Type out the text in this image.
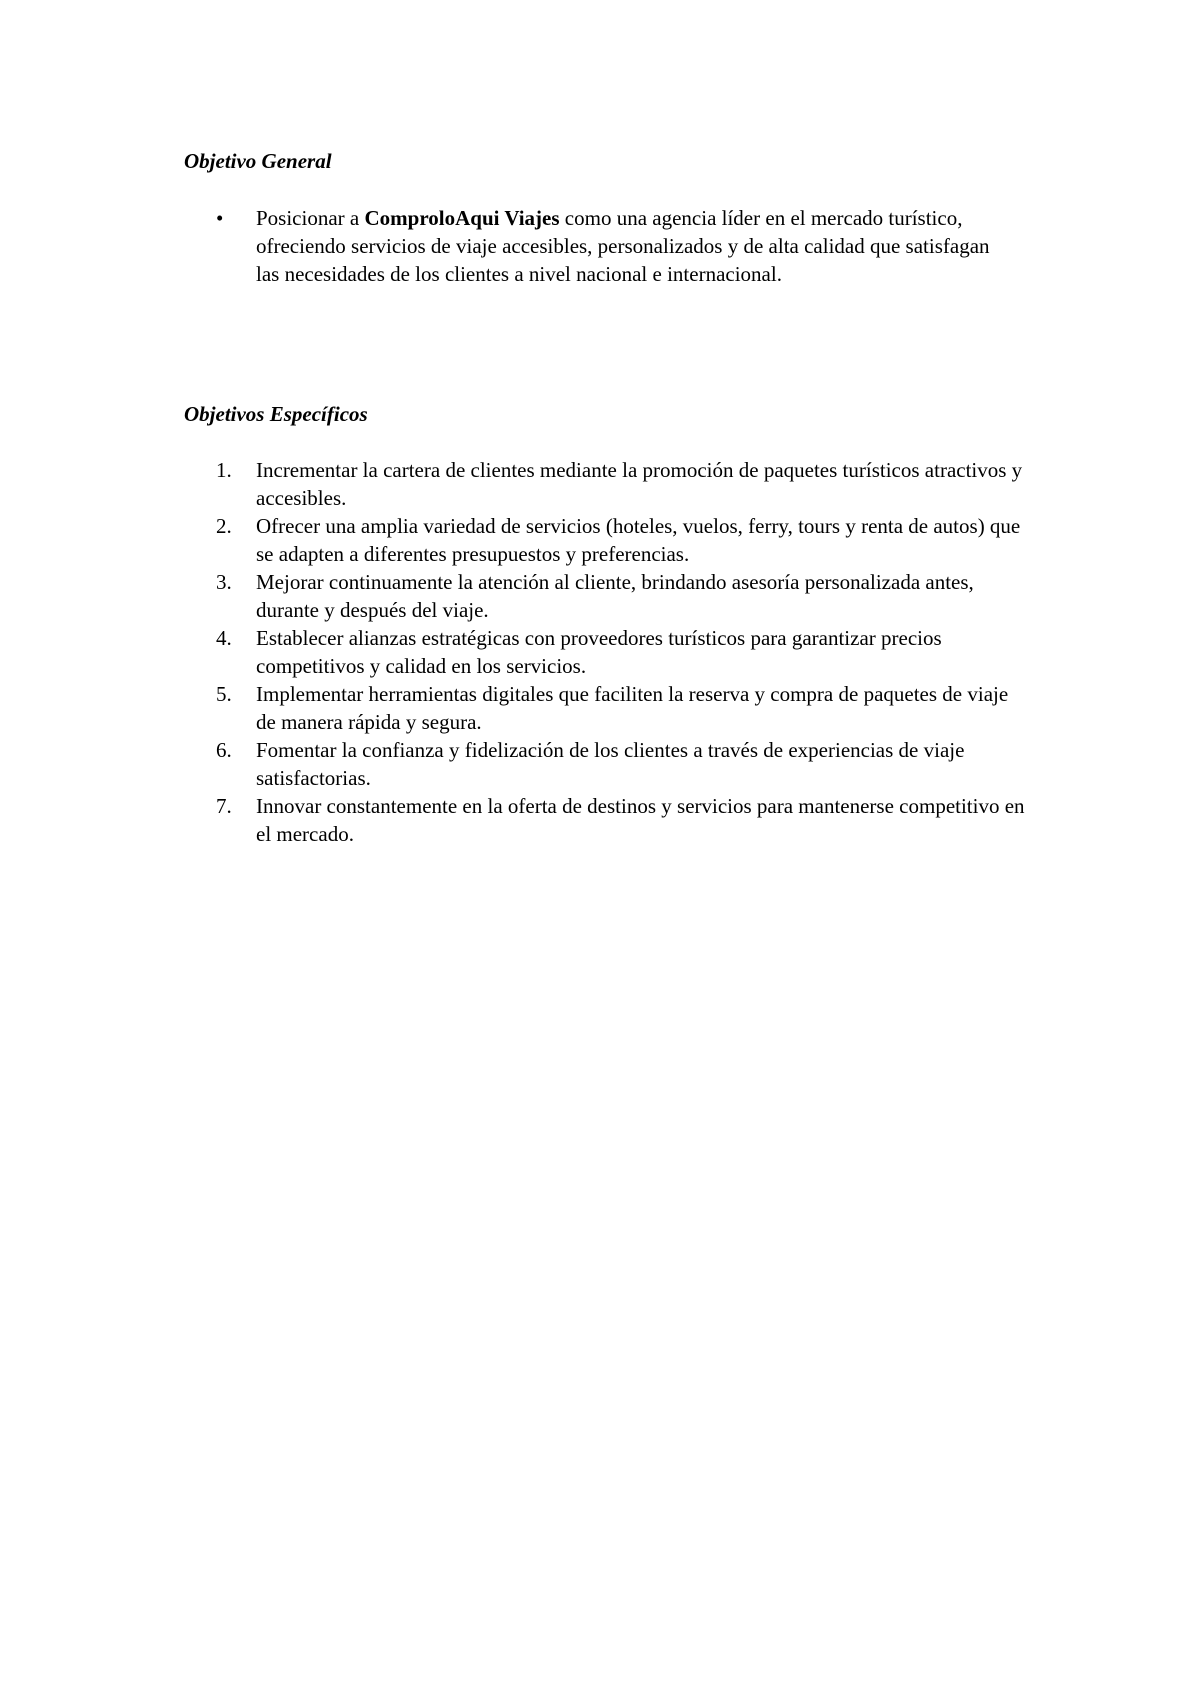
Objetivo General
•	Posicionar a ComproloAqui Viajes como una agencia líder en el mercado turístico, ofreciendo servicios de viaje accesibles, personalizados y de alta calidad que satisfagan las necesidades de los clientes a nivel nacional e internacional.
Objetivos Específicos
1.	Incrementar la cartera de clientes mediante la promoción de paquetes turísticos atractivos y accesibles.
2.	Ofrecer una amplia variedad de servicios (hoteles, vuelos, ferry, tours y renta de autos) que se adapten a diferentes presupuestos y preferencias.
3.	Mejorar continuamente la atención al cliente, brindando asesoría personalizada antes, durante y después del viaje.
4.	Establecer alianzas estratégicas con proveedores turísticos para garantizar precios competitivos y calidad en los servicios.
5.	Implementar herramientas digitales que faciliten la reserva y compra de paquetes de viaje de manera rápida y segura.
6.	Fomentar la confianza y fidelización de los clientes a través de experiencias de viaje satisfactorias.
7.	Innovar constantemente en la oferta de destinos y servicios para mantenerse competitivo en el mercado.
